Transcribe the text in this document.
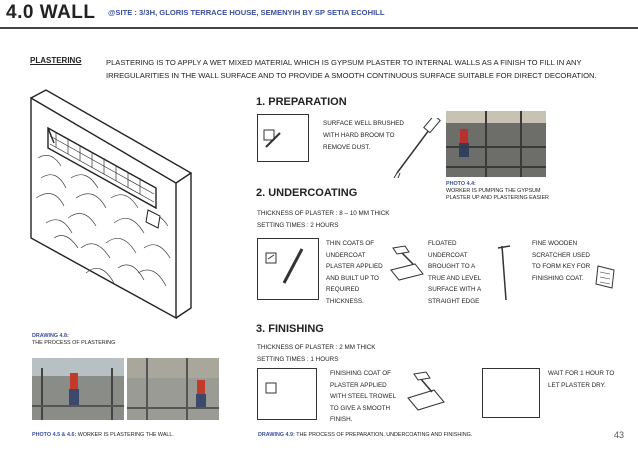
4.0 WALL @SITE : 3/3H, GLORIS TERRACE HOUSE, SEMENYIH BY SP SETIA ECOHILL
PLASTERING	PLASTERING IS TO APPLY A WET MIXED MATERIAL WHICH IS GYPSUM PLASTER TO INTERNAL WALLS AS A FINISH TO FILL IN ANY IRREGULARITIES IN THE WALL SURFACE AND TO PROVIDE A SMOOTH CONTINUOUS SURFACE SUITABLE FOR DIRECT DECORATION.
DRAWING 4.8:
THE PROCESS OF PLASTERING
PHOTO 4.5 & 4.6: WORKER IS PLASTERING THE WALL.
1. PREPARATION
SURFACE WELL BRUSHED WITH HARD BROOM TO REMOVE DUST.
PHOTO 4.4:
WORKER IS PUMPING THE GYPSUM PLASTER UP AND PLASTERING EASIER
2. UNDERCOATING
THICKNESS OF PLASTER : 8 – 10 MM THICK
SETTING TIMES : 2 HOURS
THIN COATS OF UNDERCOAT PLASTER APPLIED AND BUILT UP TO REQUIRED THICKNESS.
FLOATED UNDERCOAT BROUGHT TO A TRUE AND LEVEL SURFACE WITH A STRAIGHT EDGE
FINE WOODEN SCRATCHER USED TO FORM KEY FOR FINISHING COAT.
3. FINISHING
THICKNESS OF PLASTER : 2 MM THICK
SETTING TIMES : 1 HOURS
FINISHING COAT OF PLASTER APPLIED WITH STEEL TROWEL TO GIVE A SMOOTH FINISH.
WAIT FOR 1 HOUR TO LET PLASTER DRY.
DRAWING 4.9: THE PROCESS OF PREPARATION, UNDERCOATING AND FINISHING.	43
